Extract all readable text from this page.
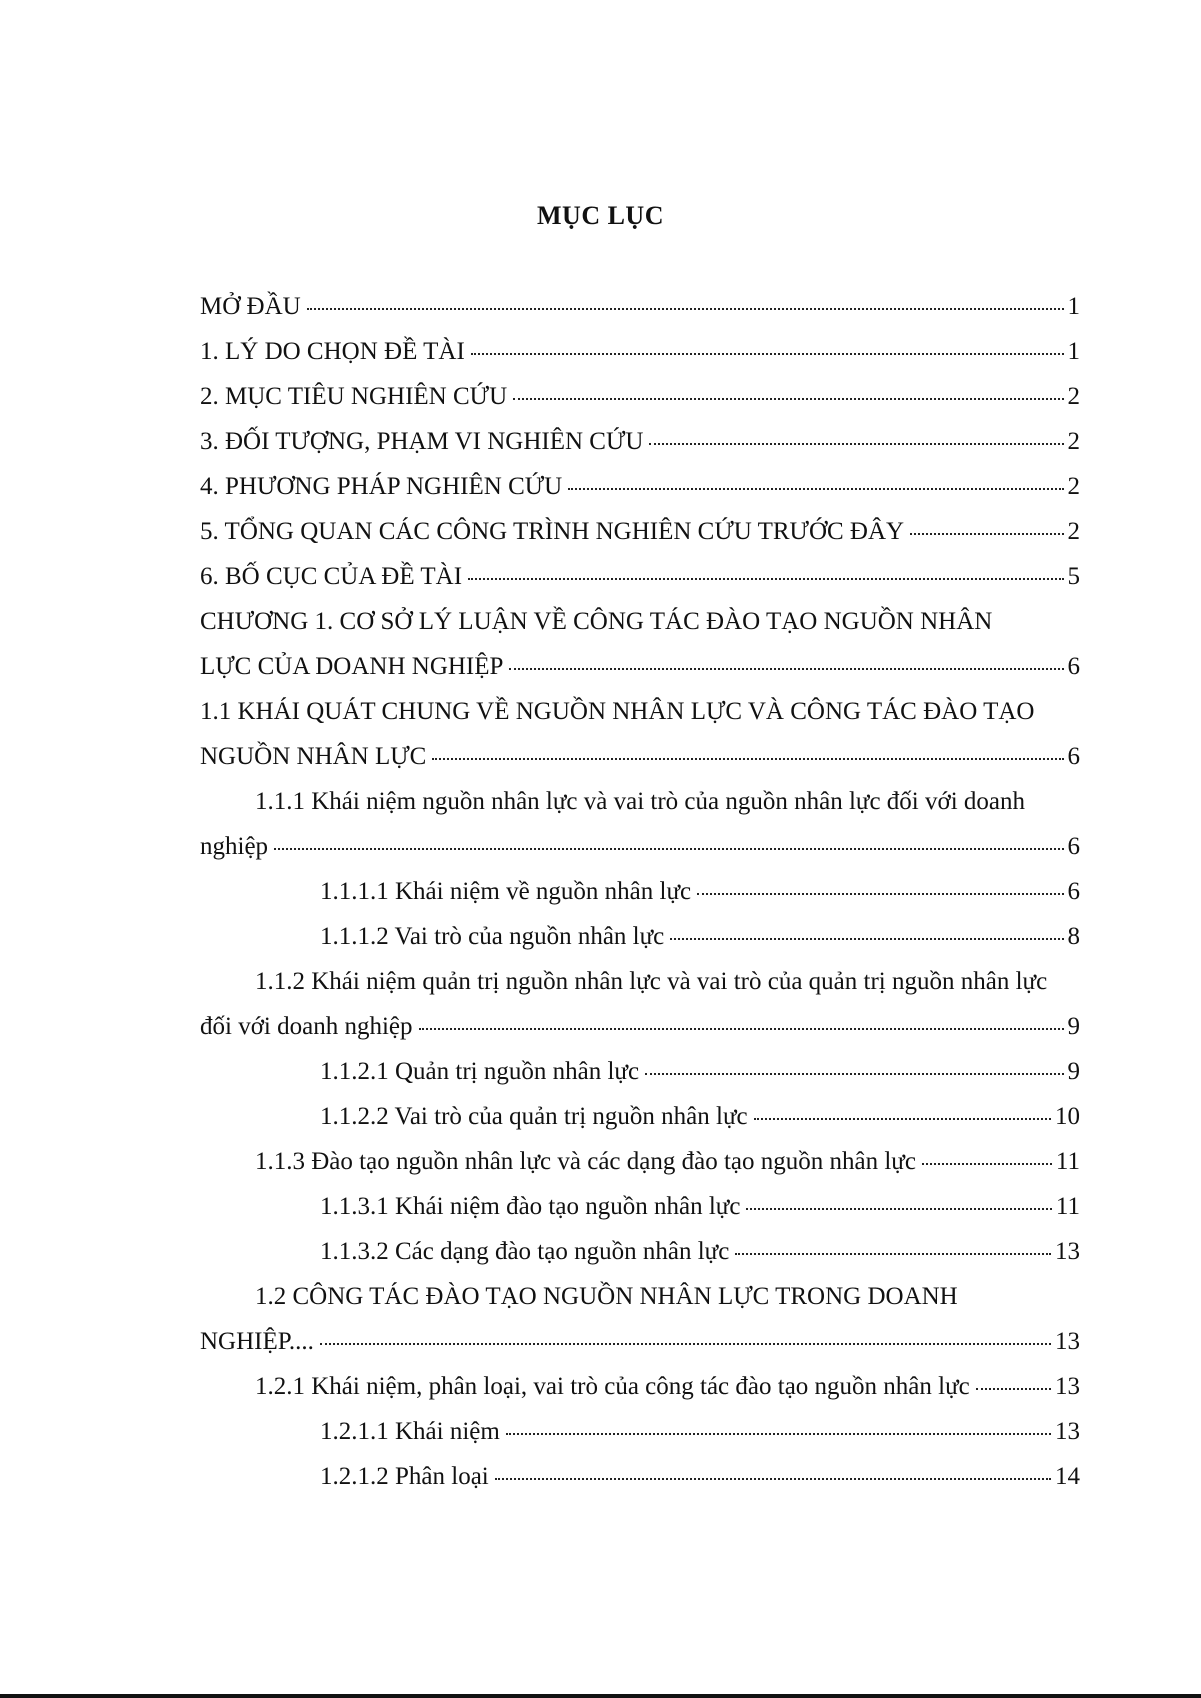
MỤC LỤC
MỞ ĐẦU	1
1. LÝ DO CHỌN ĐỀ TÀI	1
2. MỤC TIÊU NGHIÊN CỨU	2
3. ĐỐI TƯỢNG, PHẠM VI NGHIÊN CỨU	2
4. PHƯƠNG PHÁP NGHIÊN CỨU	2
5. TỔNG QUAN CÁC CÔNG TRÌNH NGHIÊN CỨU TRƯỚC ĐÂY	2
6. BỐ CỤC CỦA ĐỀ TÀI	5
CHƯƠNG 1. CƠ SỞ LÝ LUẬN VỀ CÔNG TÁC ĐÀO TẠO NGUỒN NHÂN
LỰC CỦA DOANH NGHIỆP	6
1.1 KHÁI QUÁT CHUNG VỀ NGUỒN NHÂN LỰC VÀ CÔNG TÁC ĐÀO TẠO
NGUỒN NHÂN LỰC	6
1.1.1 Khái niệm nguồn nhân lực và vai trò của nguồn nhân lực đối với doanh
nghiệp	6
1.1.1.1 Khái niệm về nguồn nhân lực	6
1.1.1.2 Vai trò của nguồn nhân lực	8
1.1.2 Khái niệm quản trị nguồn nhân lực và vai trò của quản trị nguồn nhân lực
đối với doanh nghiệp	9
1.1.2.1 Quản trị nguồn nhân lực	9
1.1.2.2 Vai trò của quản trị nguồn nhân lực	10
1.1.3 Đào tạo nguồn nhân lực và các dạng đào tạo nguồn nhân lực	11
1.1.3.1 Khái niệm đào tạo nguồn nhân lực	11
1.1.3.2 Các dạng đào tạo nguồn nhân lực	13
1.2 CÔNG TÁC ĐÀO TẠO NGUỒN NHÂN LỰC TRONG DOANH
NGHIỆP....	13
1.2.1 Khái niệm, phân loại, vai trò của công tác đào tạo nguồn nhân lực	13
1.2.1.1 Khái niệm	13
1.2.1.2 Phân loại	14
